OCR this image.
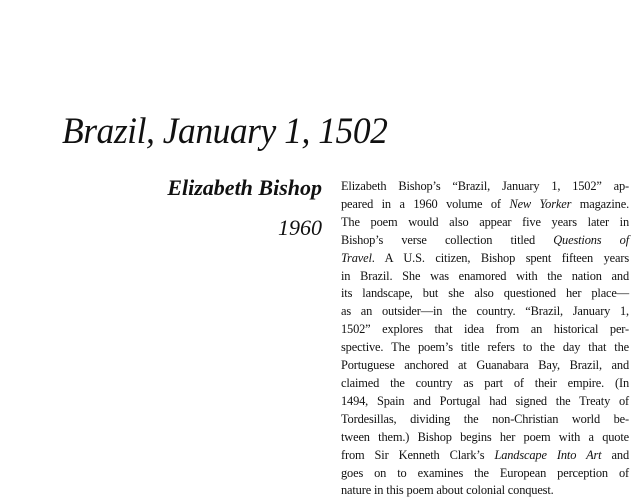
Brazil, January 1, 1502
Elizabeth Bishop
1960
Elizabeth Bishop’s “Brazil, January 1, 1502” ap-
peared in a 1960 volume of New Yorker magazine.
The poem would also appear five years later in
Bishop’s verse collection titled Questions of
Travel. A U.S. citizen, Bishop spent fifteen years
in Brazil. She was enamored with the nation and
its landscape, but she also questioned her place—
as an outsider—in the country. “Brazil, January 1,
1502” explores that idea from an historical per-
spective. The poem’s title refers to the day that the
Portuguese anchored at Guanabara Bay, Brazil, and
claimed the country as part of their empire. (In
1494, Spain and Portugal had signed the Treaty of
Tordesillas, dividing the non-Christian world be-
tween them.) Bishop begins her poem with a quote
from Sir Kenneth Clark’s Landscape Into Art and
goes on to examines the European perception of
nature in this poem about colonial conquest.
